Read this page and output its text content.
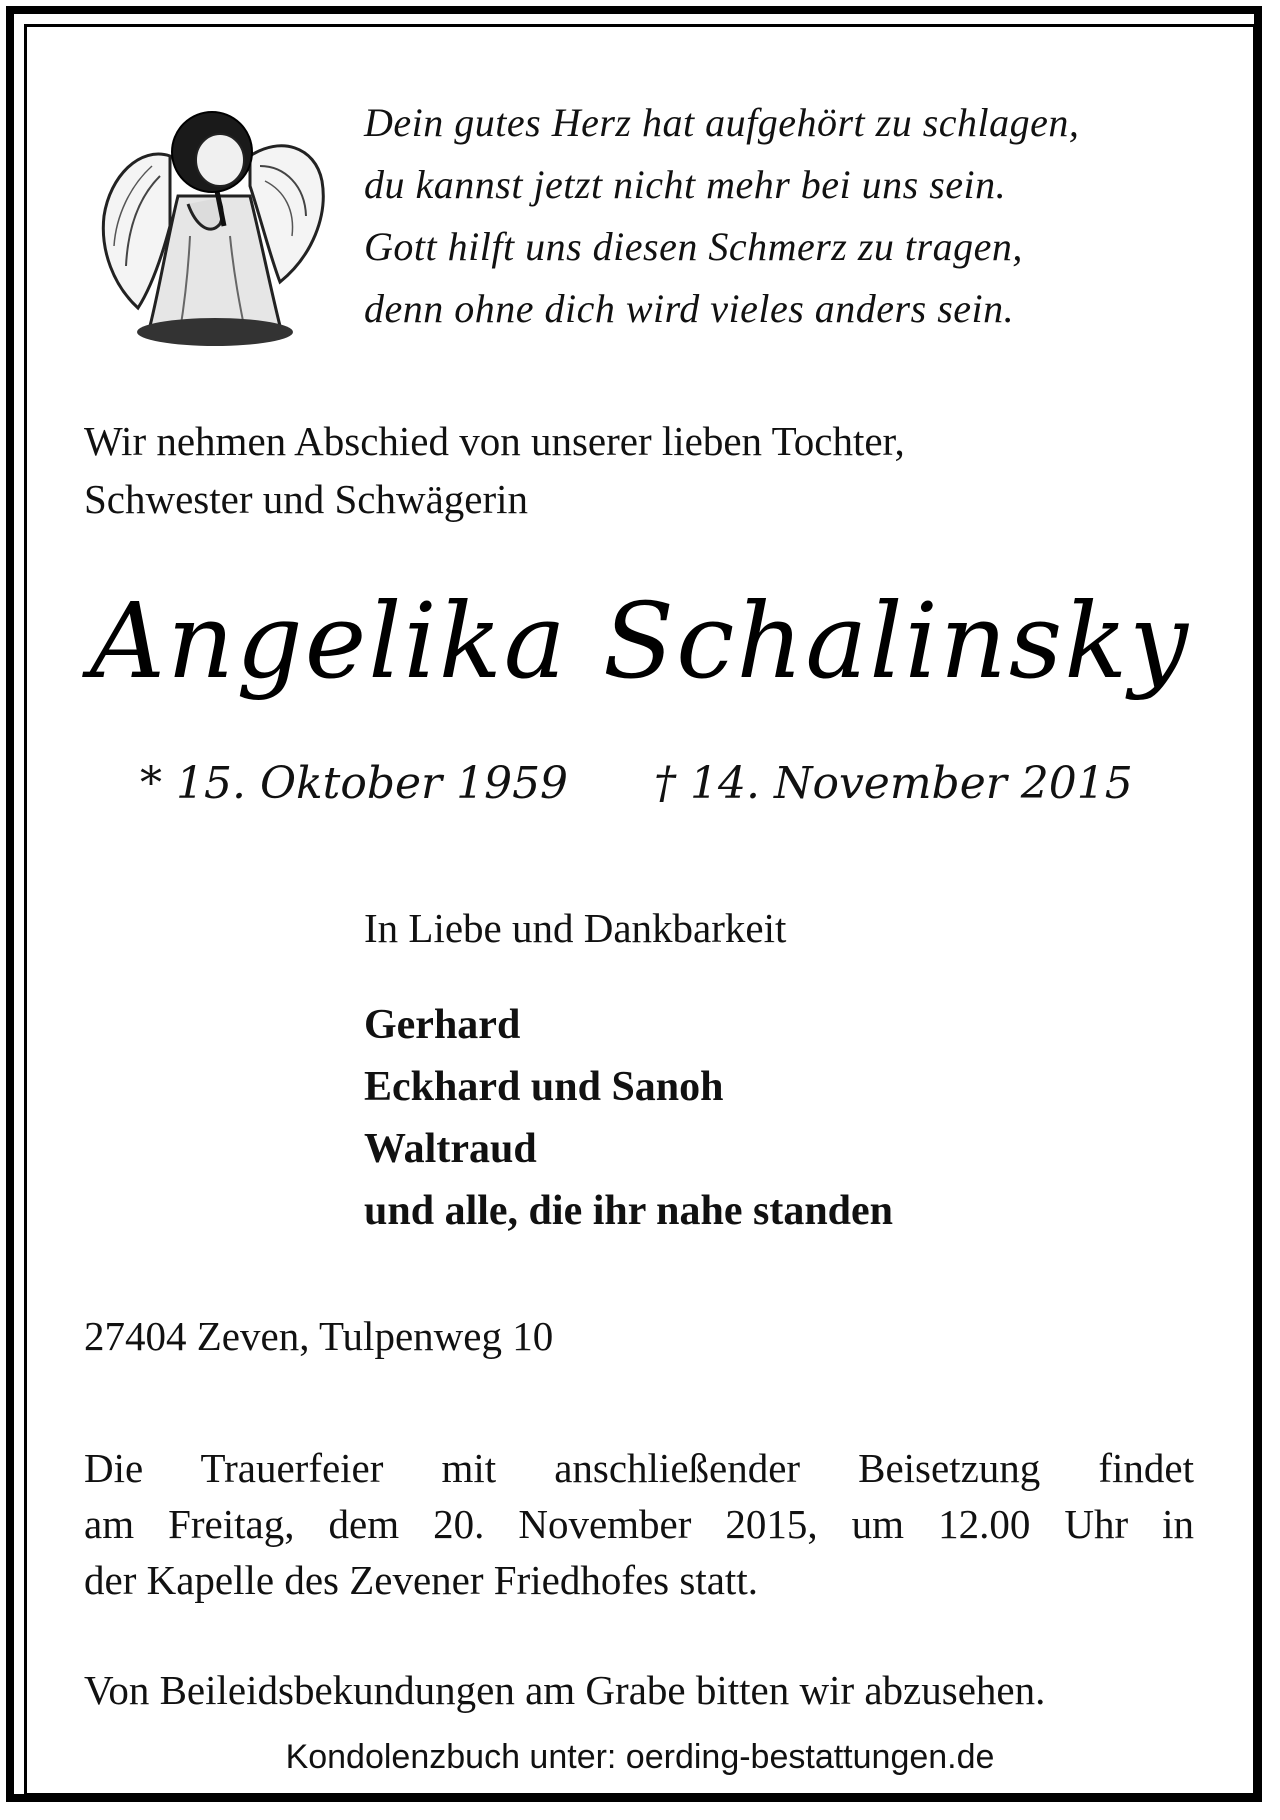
Dein gutes Herz hat aufgehört zu schlagen,
du kannst jetzt nicht mehr bei uns sein.
Gott hilft uns diesen Schmerz zu tragen,
denn ohne dich wird vieles anders sein.
Wir nehmen Abschied von unserer lieben Tochter,
Schwester und Schwägerin
Angelika Schalinsky
* 15. Oktober 1959 † 14. November 2015
In Liebe und Dankbarkeit
Gerhard
Eckhard und Sanoh
Waltraud
und alle, die ihr nahe standen
27404 Zeven, Tulpenweg 10
Die Trauerfeier mit anschließender Beisetzung findet
am Freitag, dem 20. November 2015, um 12.00 Uhr in
der Kapelle des Zevener Friedhofes statt.
Von Beileidsbekundungen am Grabe bitten wir abzusehen.
Kondolenzbuch unter: oerding-bestattungen.de
